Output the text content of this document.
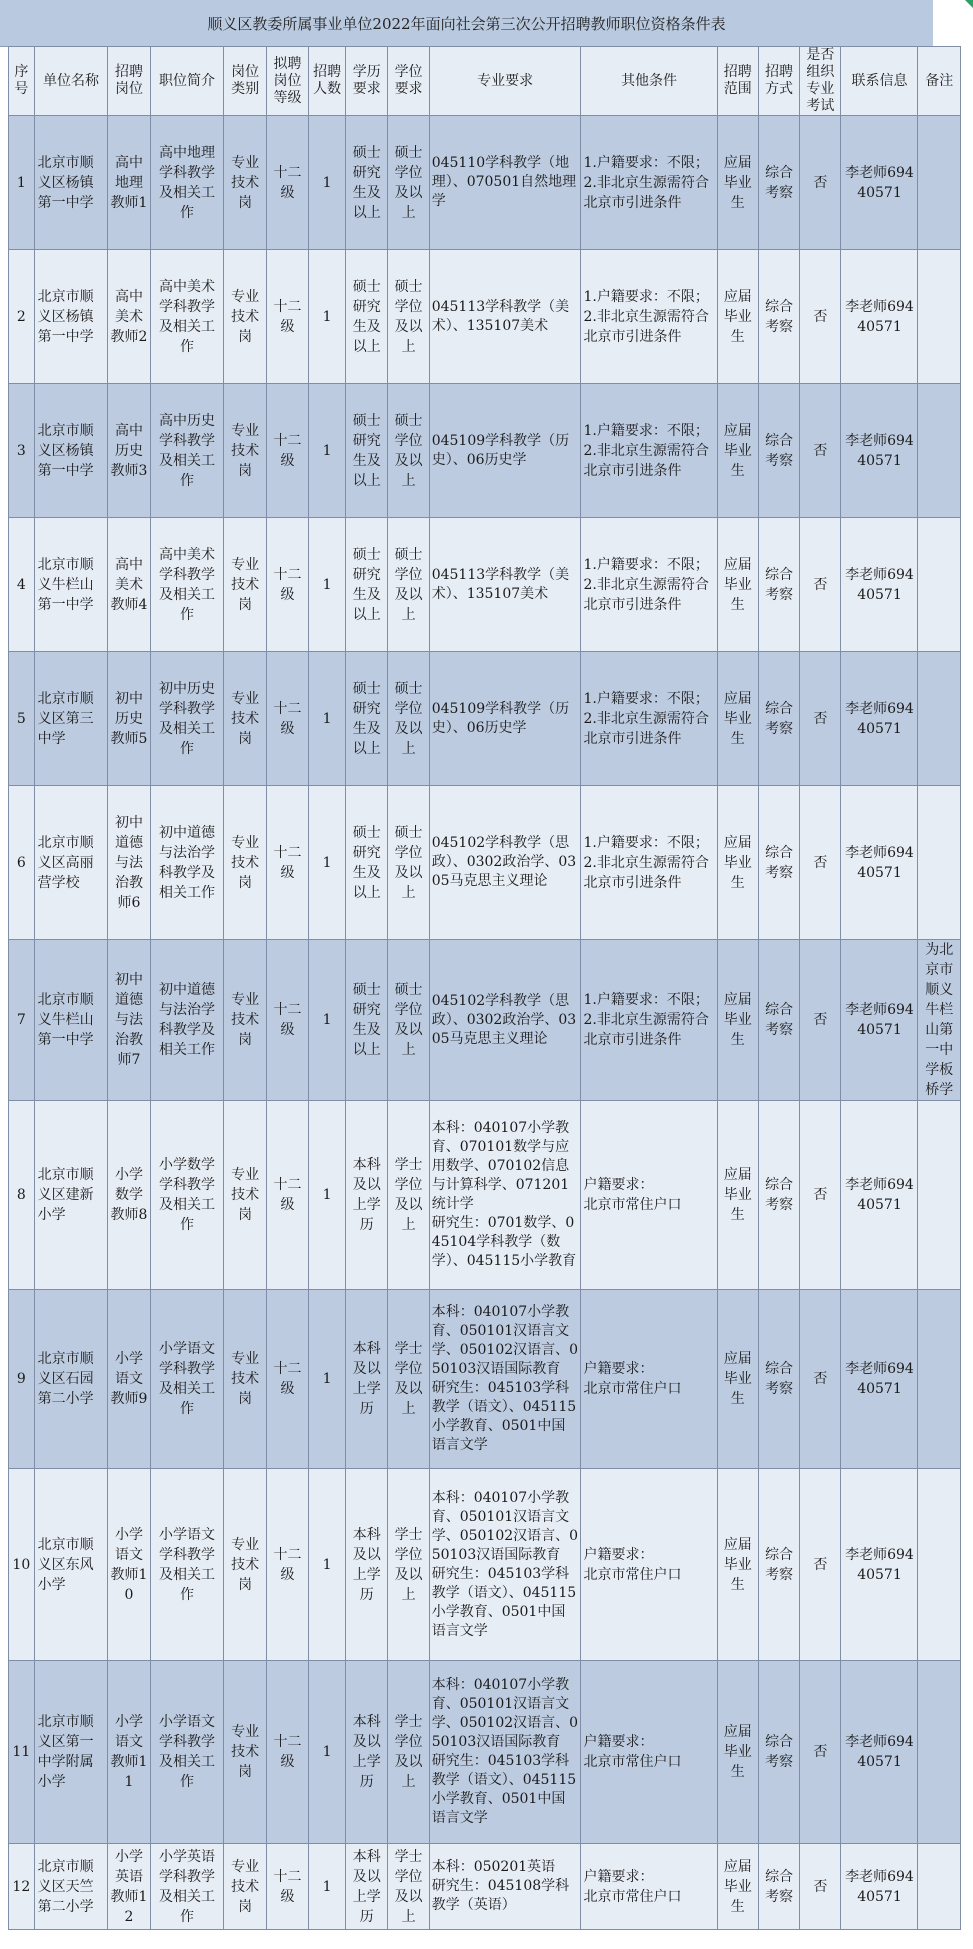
顺义区教委所属事业单位2022年面向社会第三次公开招聘教师职位资格条件表
序号	单位名称	招聘岗位	职位简介	岗位类别	拟聘岗位等级	招聘人数	学历要求	学位要求	专业要求	其他条件	招聘范围	招聘方式	是否组织专业考试	联系信息	备注
1	北京市顺义区杨镇第一中学	高中地理教师1	高中地理学科教学及相关工作	专业技术岗	十二级	1	硕士研究生及以上	硕士学位及以上	045110学科教学（地理）、070501自然地理学	1.户籍要求：不限；
2.非北京生源需符合北京市引进条件	应届毕业生	综合考察	否	李老师69440571	
2	北京市顺义区杨镇第一中学	高中美术教师2	高中美术学科教学及相关工作	专业技术岗	十二级	1	硕士研究生及以上	硕士学位及以上	045113学科教学（美术）、135107美术	1.户籍要求：不限；
2.非北京生源需符合北京市引进条件	应届毕业生	综合考察	否	李老师69440571	
3	北京市顺义区杨镇第一中学	高中历史教师3	高中历史学科教学及相关工作	专业技术岗	十二级	1	硕士研究生及以上	硕士学位及以上	045109学科教学（历史）、06历史学	1.户籍要求：不限；
2.非北京生源需符合北京市引进条件	应届毕业生	综合考察	否	李老师69440571	
4	北京市顺义牛栏山第一中学	高中美术教师4	高中美术学科教学及相关工作	专业技术岗	十二级	1	硕士研究生及以上	硕士学位及以上	045113学科教学（美术）、135107美术	1.户籍要求：不限；
2.非北京生源需符合北京市引进条件	应届毕业生	综合考察	否	李老师69440571	
5	北京市顺义区第三中学	初中历史教师5	初中历史学科教学及相关工作	专业技术岗	十二级	1	硕士研究生及以上	硕士学位及以上	045109学科教学（历史）、06历史学	1.户籍要求：不限；
2.非北京生源需符合北京市引进条件	应届毕业生	综合考察	否	李老师69440571	
6	北京市顺义区高丽营学校	初中道德与法治教师6	初中道德与法治学科教学及相关工作	专业技术岗	十二级	1	硕士研究生及以上	硕士学位及以上	045102学科教学（思政）、0302政治学、0305马克思主义理论	1.户籍要求：不限；
2.非北京生源需符合北京市引进条件	应届毕业生	综合考察	否	李老师69440571	
7	北京市顺义牛栏山第一中学	初中道德与法治教师7	初中道德与法治学科教学及相关工作	专业技术岗	十二级	1	硕士研究生及以上	硕士学位及以上	045102学科教学（思政）、0302政治学、0305马克思主义理论	1.户籍要求：不限；
2.非北京生源需符合北京市引进条件	应届毕业生	综合考察	否	李老师69440571	为北京市顺义牛栏山第一中学板桥学
8	北京市顺义区建新小学	小学数学教师8	小学数学学科教学及相关工作	专业技术岗	十二级	1	本科及以上学历	学士学位及以上	本科：040107小学教育、070101数学与应用数学、070102信息与计算科学、071201统计学
研究生：0701数学、045104学科教学（数学）、045115小学教育	户籍要求：
北京市常住户口	应届毕业生	综合考察	否	李老师69440571	
9	北京市顺义区石园第二小学	小学语文教师9	小学语文学科教学及相关工作	专业技术岗	十二级	1	本科及以上学历	学士学位及以上	本科：040107小学教育、050101汉语言文学、050102汉语言、050103汉语国际教育
研究生：045103学科教学（语文）、045115小学教育、0501中国语言文学	户籍要求：
北京市常住户口	应届毕业生	综合考察	否	李老师69440571	
10	北京市顺义区东风小学	小学语文教师10	小学语文学科教学及相关工作	专业技术岗	十二级	1	本科及以上学历	学士学位及以上	本科：040107小学教育、050101汉语言文学、050102汉语言、050103汉语国际教育
研究生：045103学科教学（语文）、045115小学教育、0501中国语言文学	户籍要求：
北京市常住户口	应届毕业生	综合考察	否	李老师69440571	
11	北京市顺义区第一中学附属小学	小学语文教师11	小学语文学科教学及相关工作	专业技术岗	十二级	1	本科及以上学历	学士学位及以上	本科：040107小学教育、050101汉语言文学、050102汉语言、050103汉语国际教育
研究生：045103学科教学（语文）、045115小学教育、0501中国语言文学	户籍要求：
北京市常住户口	应届毕业生	综合考察	否	李老师69440571	
12	北京市顺义区天竺第二小学	小学英语教师12	小学英语学科教学及相关工作	专业技术岗	十二级	1	本科及以上学历	学士学位及以上	本科：050201英语
研究生：045108学科教学（英语）	户籍要求：
北京市常住户口	应届毕业生	综合考察	否	李老师69440571	
